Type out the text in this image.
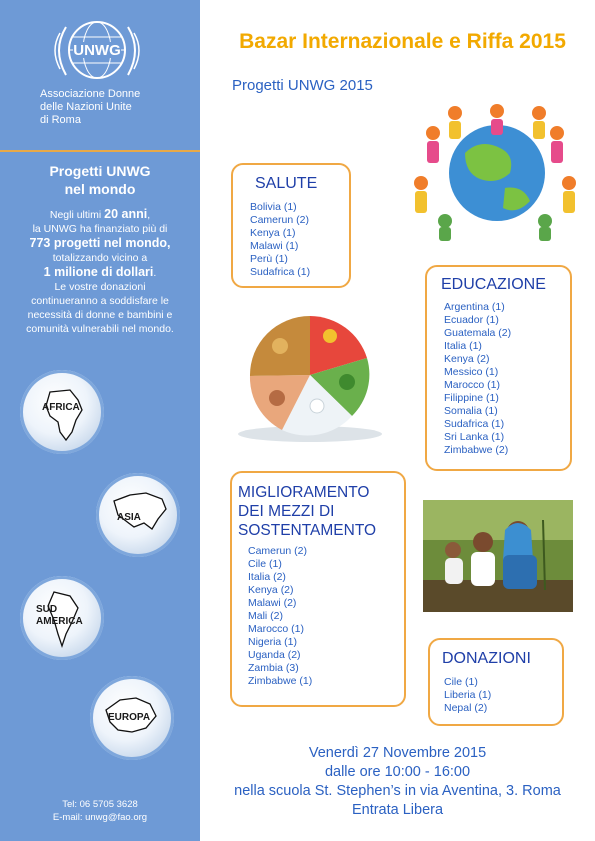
UNWG
Associazione Donne
delle Nazioni Unite
di Roma
Progetti UNWG
nel mondo
Negli ultimi 20 anni,
la UNWG ha finanziato più di
773 progetti nel mondo,
totalizzando vicino a
1 milione di dollari.

Le vostre donazioni continueranno a soddisfare le necessità di donne e bambini e comunità vulnerabili nel mondo.
AFRICA
ASIA
SUD AMERICA
EUROPA
Tel: 06 5705 3628
E-mail: unwg@fao.org
Bazar Internazionale e Riffa 2015
Progetti UNWG 2015
SALUTE
Bolivia (1)
Camerun (2)
Kenya (1)
Malawi (1)
Perù (1)
Sudafrica (1)
EDUCAZIONE
Argentina (1)
Ecuador (1)
Guatemala (2)
Italia (1)
Kenya (2)
Messico (1)
Marocco (1)
Filippine (1)
Somalia (1)
Sudafrica (1)
Sri Lanka (1)
Zimbabwe (2)
MIGLIORAMENTO
DEI MEZZI DI
SOSTENTAMENTO
Camerun (2)
Cile (1)
Italia (2)
Kenya (2)
Malawi (2)
Mali (2)
Marocco (1)
Nigeria (1)
Uganda (2)
Zambia (3)
Zimbabwe (1)
DONAZIONI
Cile (1)
Liberia (1)
Nepal (2)
Venerdì 27 Novembre 2015
dalle ore 10:00 - 16:00
nella scuola St. Stephen’s in via Aventina, 3. Roma
Entrata Libera
